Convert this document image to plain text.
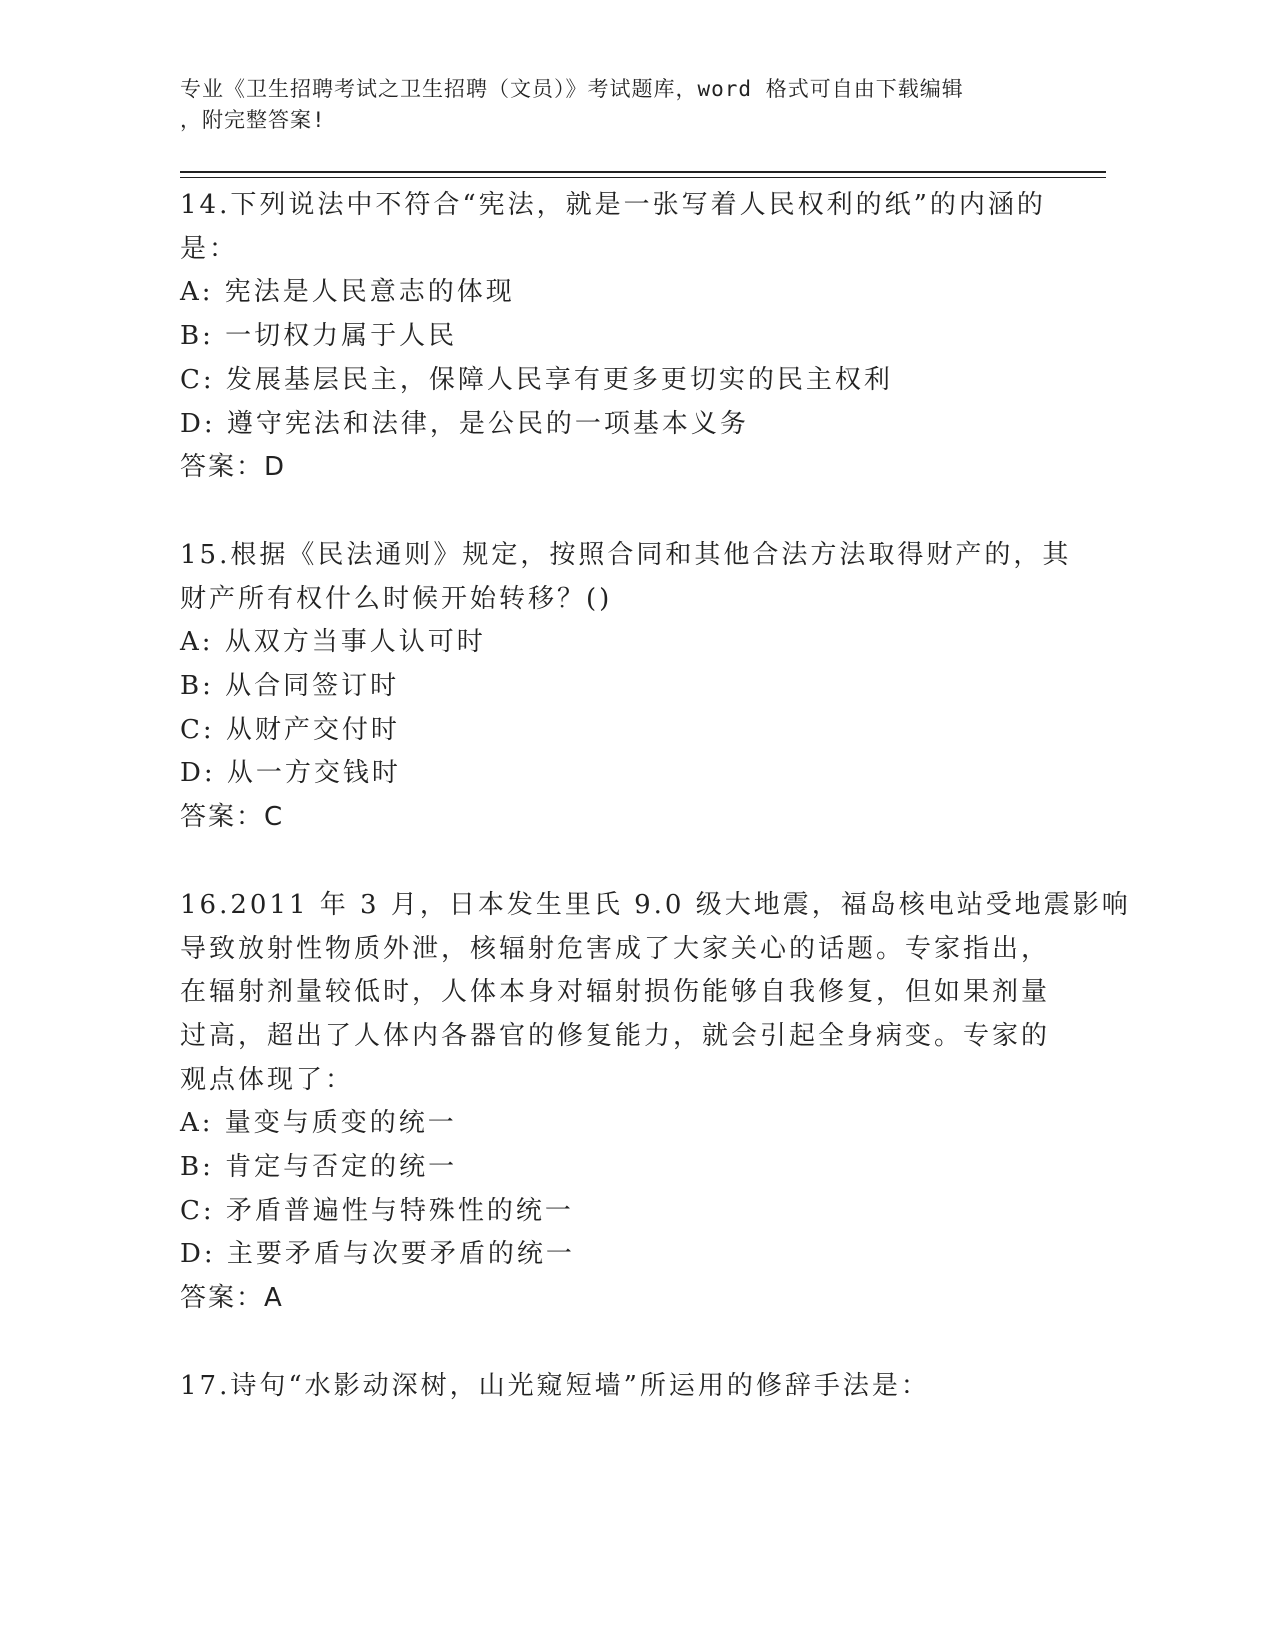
专业《卫生招聘考试之卫生招聘（文员）》考试题库，word 格式可自由下载编辑

，附完整答案!

14.下列说法中不符合“宪法，就是一张写着人民权利的纸”的内涵的

是：

A: 宪法是人民意志的体现

B: 一切权力属于人民

C: 发展基层民主，保障人民享有更多更切实的民主权利

D: 遵守宪法和法律，是公民的一项基本义务

答案：D

15.根据《民法通则》规定，按照合同和其他合法方法取得财产的，其

财产所有权什么时候开始转移？()

A: 从双方当事人认可时

B: 从合同签订时

C: 从财产交付时

D: 从一方交钱时

答案：C

16.2011 年 3 月，日本发生里氏 9.0 级大地震，福岛核电站受地震影响

导致放射性物质外泄，核辐射危害成了大家关心的话题。专家指出，

在辐射剂量较低时，人体本身对辐射损伤能够自我修复，但如果剂量

过高，超出了人体内各器官的修复能力，就会引起全身病变。专家的

观点体现了：

A: 量变与质变的统一

B: 肯定与否定的统一

C: 矛盾普遍性与特殊性的统一

D: 主要矛盾与次要矛盾的统一

答案：A

17.诗句“水影动深树，山光窥短墙”所运用的修辞手法是：
